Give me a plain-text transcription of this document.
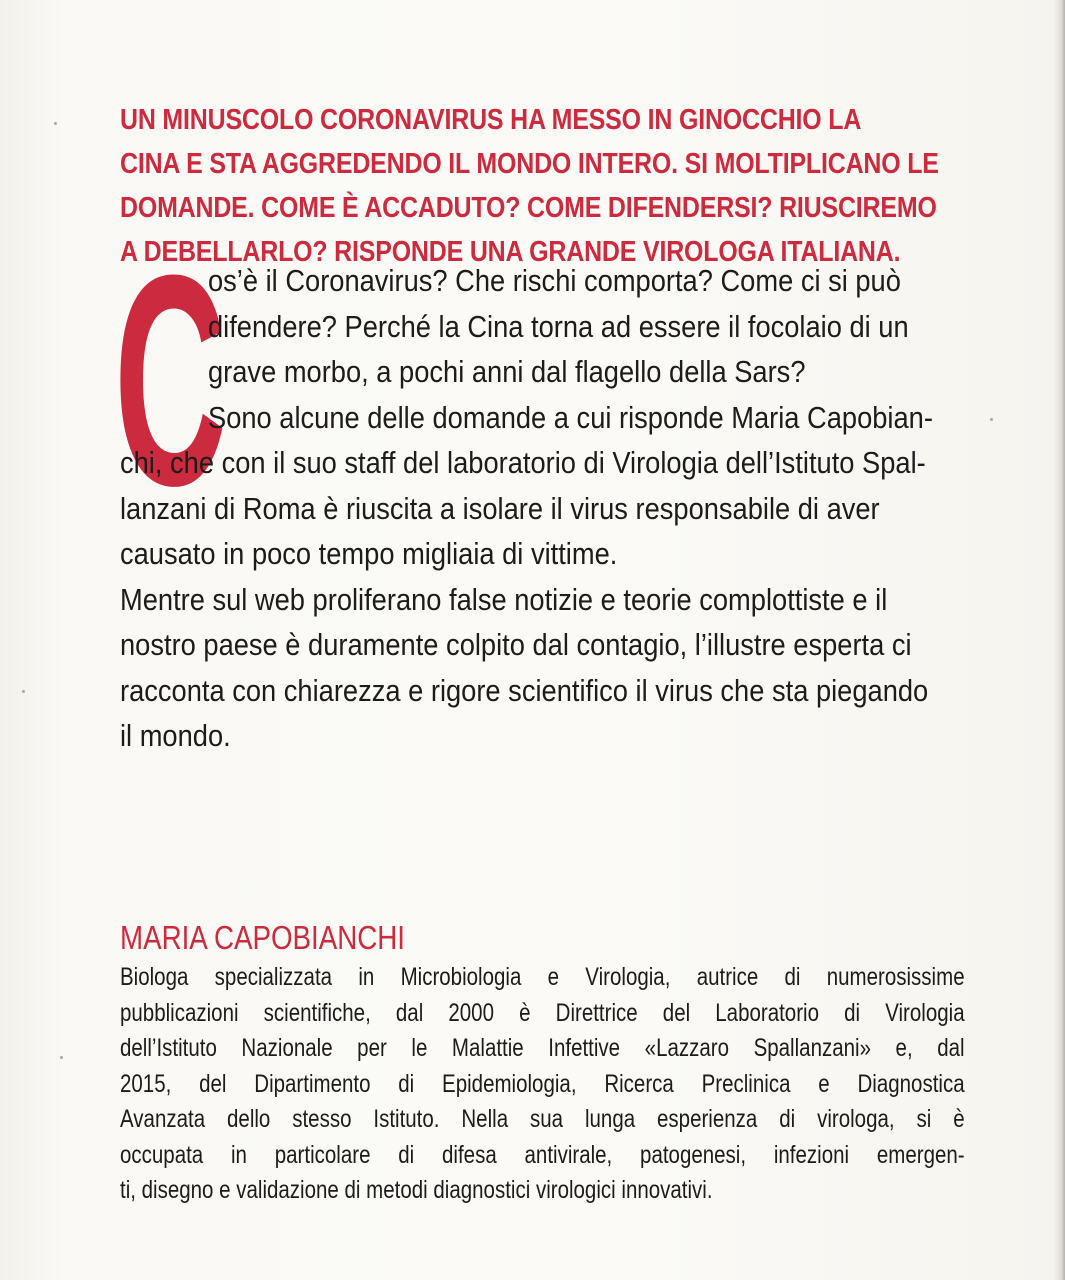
UN MINUSCOLO CORONAVIRUS HA MESSO IN GINOCCHIO LA
CINA E STA AGGREDENDO IL MONDO INTERO. SI MOLTIPLICANO LE
DOMANDE. COME È ACCADUTO? COME DIFENDERSI? RIUSCIREMO
A DEBELLARLO? RISPONDE UNA GRANDE VIROLOGA ITALIANA.
C
os’è il Coronavirus? Che rischi comporta? Come ci si può
difendere? Perché la Cina torna ad essere il focolaio di un
grave morbo, a pochi anni dal flagello della Sars?
Sono alcune delle domande a cui risponde Maria Capobian-
chi, che con il suo staff del laboratorio di Virologia dell’Istituto Spal-
lanzani di Roma è riuscita a isolare il virus responsabile di aver
causato in poco tempo migliaia di vittime.
Mentre sul web proliferano false notizie e teorie complottiste e il
nostro paese è duramente colpito dal contagio, l’illustre esperta ci
racconta con chiarezza e rigore scientifico il virus che sta piegando
il mondo.
MARIA CAPOBIANCHI
Biologa specializzata in Microbiologia e Virologia, autrice di numerosissime
pubblicazioni scientifiche, dal 2000 è Direttrice del Laboratorio di Virologia
dell’Istituto Nazionale per le Malattie Infettive «Lazzaro Spallanzani» e, dal
2015, del Dipartimento di Epidemiologia, Ricerca Preclinica e Diagnostica
Avanzata dello stesso Istituto. Nella sua lunga esperienza di virologa, si è
occupata in particolare di difesa antivirale, patogenesi, infezioni emergen-
ti, disegno e validazione di metodi diagnostici virologici innovativi.
